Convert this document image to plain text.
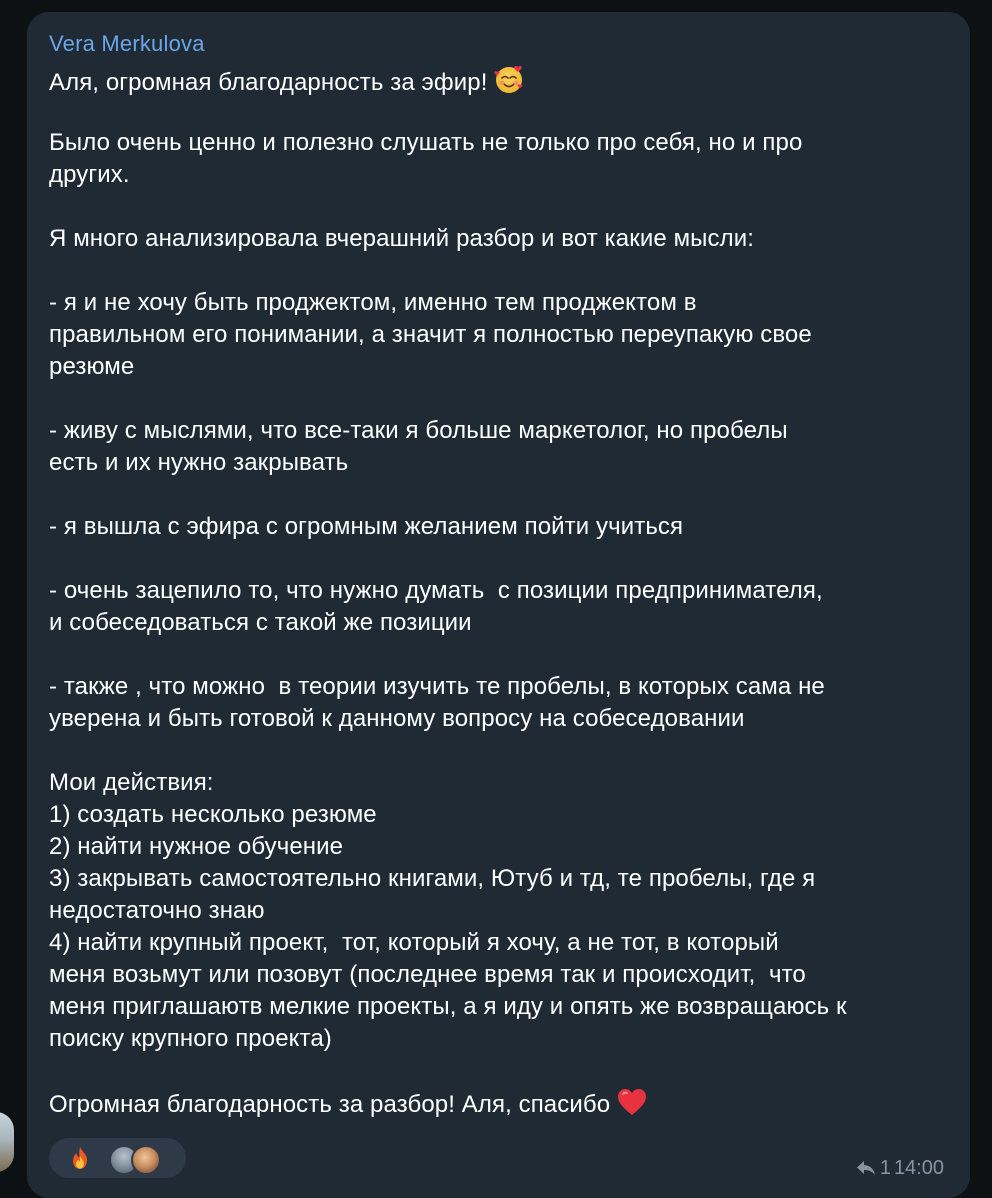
Vera Merkulova
Аля, огромная благодарность за эфир!
Было очень ценно и полезно слушать не только про себя, но и про
других.
Я много анализировала вчерашний разбор и вот какие мысли:
- я и не хочу быть проджектом, именно тем проджектом в
правильном его понимании, а значит я полностью переупакую свое
резюме
- живу с мыслями, что все-таки я больше маркетолог, но пробелы
есть и их нужно закрывать
- я вышла с эфира с огромным желанием пойти учиться
- очень зацепило то, что нужно думать  с позиции предпринимателя,
и собеседоваться с такой же позиции
- также , что можно  в теории изучить те пробелы, в которых сама не
уверена и быть готовой к данному вопросу на собеседовании
Мои действия:
1) создать несколько резюме
2) найти нужное обучение
3) закрывать самостоятельно книгами, Ютуб и тд, те пробелы, где я
недостаточно знаю
4) найти крупный проект,  тот, который я хочу, а не тот, в который
меня возьмут или позовут (последнее время так и происходит,  что
меня приглашаютв мелкие проекты, а я иду и опять же возвращаюсь к
поиску крупного проекта)
Огромная благодарность за разбор! Аля, спасибо
1 14:00
